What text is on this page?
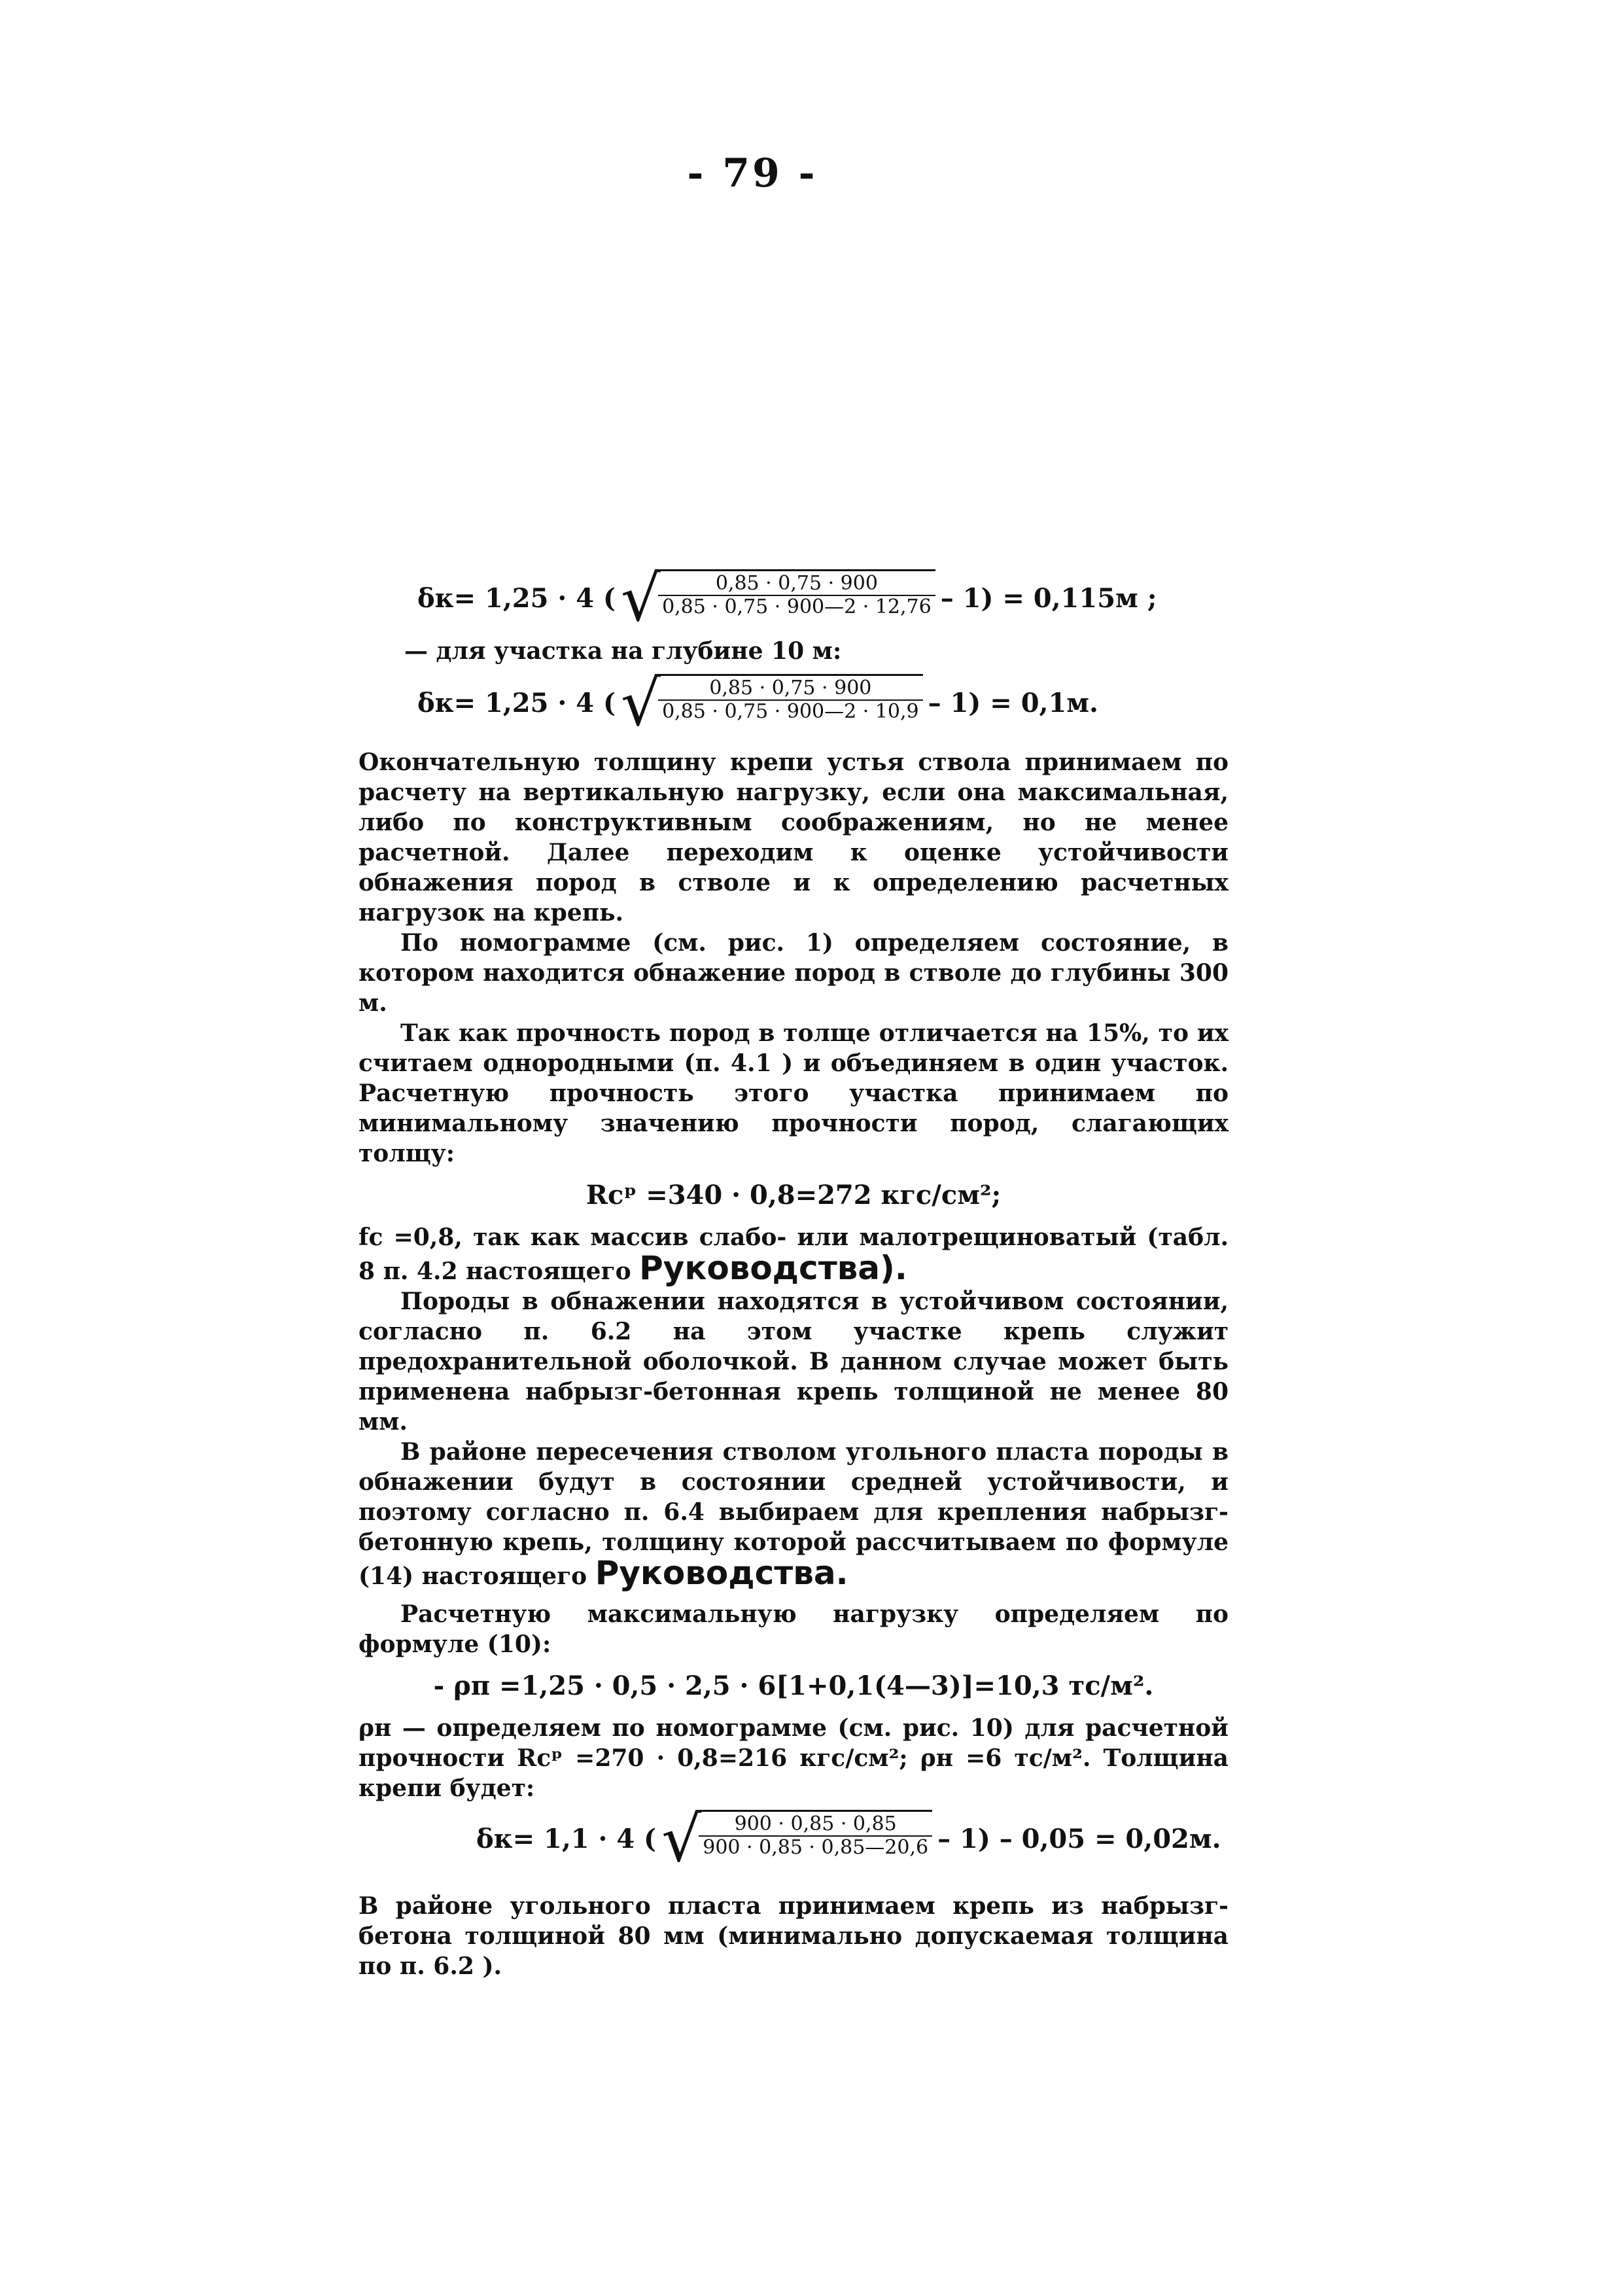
- 79 -
δк= 1,25 · 4 ( √
$\frac{0,85 \cdot 0,75 \cdot 900}{0,85 \cdot 0,75 \cdot 900—2 \cdot 12,76} - 1) = 0,115м$ ;
— для участка на глубине 10 м:
δк= 1,25 · 4 ( √
$\frac{0,85 \cdot 0,75 \cdot 900}{0,85 \cdot 0,75 \cdot 900—2 \cdot 10,9} - 1) = 0,1м$.

Окончательную толщину крепи устья ствола принимаем по расчету на вертикальную нагрузку, если она максимальная, либо по конструктивным соображениям, но не менее расчетной. Далее переходим к оценке устойчивости обнажения пород в стволе и к определению расчетных нагрузок на крепь.

По номограмме (см. рис. 1) определяем состояние, в котором находится обнажение пород в стволе до глубины 300 м.

Так как прочность пород в толще отличается на 15%, то их считаем однородными (п. 4.1 ) и объединяем в один участок. Расчетную прочность этого участка принимаем по минимальному значению прочности пород, слагающих толщу:

Rсᵖ =340 · 0,8=272 кгс/см²;

fс =0,8, так как массив слабо- или малотрещиноватый (табл. 8 п. 4.2 настоящего Руководства).

Породы в обнажении находятся в устойчивом состоянии, согласно п. 6.2 на этом участке крепь служит предохранительной оболочкой. В данном случае может быть применена набрызг-бетонная крепь толщиной не менее 80 мм.

В районе пересечения стволом угольного пласта породы в обнажении будут в состоянии средней устойчивости, и поэтому согласно п. 6.4 выбираем для крепления набрызг-бетонную крепь, толщину которой рассчитываем по формуле (14) настоящего Руководства.

Расчетную максимальную нагрузку определяем по формуле (10):

- ρп =1,25 · 0,5 · 2,5 · 6[1+0,1(4—3)]=10,3 тс/м².

ρн — определяем по номограмме (см. рис. 10) для расчетной прочности Rсᵖ =270 · 0,8=216 кгс/см²; ρн =6 тс/м². Толщина крепи будет:

δк= 1,1 · 4 ( √
$\frac{900 \cdot 0,85 \cdot 0,85}{900 \cdot 0,85 \cdot 0,85—20,6} - 1) - 0,05 = 0,02м$.

В районе угольного пласта принимаем крепь из набрызг-бетона толщиной 80 мм (минимально допускаемая толщина по п. 6.2 ).
